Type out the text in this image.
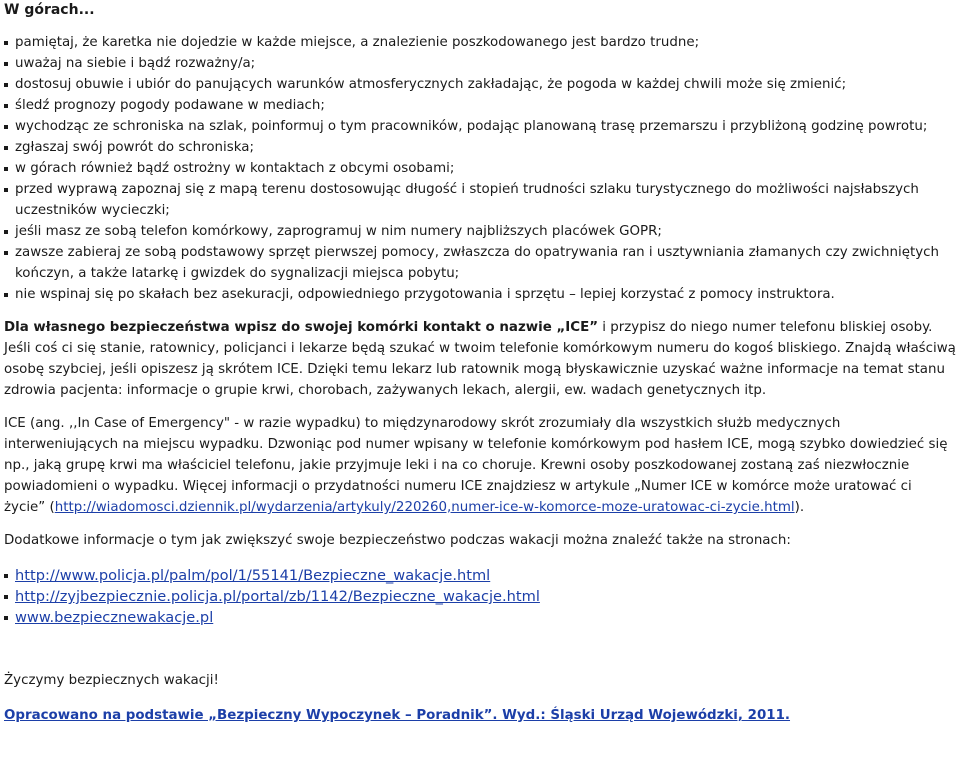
W górach...
pamiętaj, że karetka nie dojedzie w każde miejsce, a znalezienie poszkodowanego jest bardzo trudne;
uważaj na siebie i bądź rozważny/a;
dostosuj obuwie i ubiór do panujących warunków atmosferycznych zakładając, że pogoda w każdej chwili może się zmienić;
śledź prognozy pogody podawane w mediach;
wychodząc ze schroniska na szlak, poinformuj o tym pracowników, podając planowaną trasę przemarszu i przybliżoną godzinę powrotu;
zgłaszaj swój powrót do schroniska;
w górach również bądź ostrożny w kontaktach z obcymi osobami;
przed wyprawą zapoznaj się z mapą terenu dostosowując długość i stopień trudności szlaku turystycznego do możliwości najsłabszych uczestników wycieczki;
jeśli masz ze sobą telefon komórkowy, zaprogramuj w nim numery najbliższych placówek GOPR;
zawsze zabieraj ze sobą podstawowy sprzęt pierwszej pomocy, zwłaszcza do opatrywania ran i usztywniania złamanych czy zwichniętych kończyn, a także latarkę i gwizdek do sygnalizacji miejsca pobytu;
nie wspinaj się po skałach bez asekuracji, odpowiedniego przygotowania i sprzętu – lepiej korzystać z pomocy instruktora.

Dla własnego bezpieczeństwa wpisz do swojej komórki kontakt o nazwie „ICE” i przypisz do niego numer telefonu bliskiej osoby. Jeśli coś ci się stanie, ratownicy, policjanci i lekarze będą szukać w twoim telefonie komórkowym numeru do kogoś bliskiego. Znajdą właściwą osobę szybciej, jeśli opiszesz ją skrótem ICE. Dzięki temu lekarz lub ratownik mogą błyskawicznie uzyskać ważne informacje na temat stanu zdrowia pacjenta: informacje o grupie krwi, chorobach, zażywanych lekach, alergii, ew. wadach genetycznych itp.

ICE (ang. ,,In Case of Emergency" - w razie wypadku) to międzynarodowy skrót zrozumiały dla wszystkich służb medycznych interweniujących na miejscu wypadku. Dzwoniąc pod numer wpisany w telefonie komórkowym pod hasłem ICE, mogą szybko dowiedzieć się np., jaką grupę krwi ma właściciel telefonu, jakie przyjmuje leki i na co choruje. Krewni osoby poszkodowanej zostaną zaś niezwłocznie powiadomieni o wypadku. Więcej informacji o przydatności numeru ICE znajdziesz w artykule „Numer ICE w komórce może uratować ci życie” (http://wiadomosci.dziennik.pl/wydarzenia/artykuly/220260,numer-ice-w-komorce-moze-uratowac-ci-zycie.html).

Dodatkowe informacje o tym jak zwiększyć swoje bezpieczeństwo podczas wakacji można znaleźć także na stronach:

http://www.policja.pl/palm/pol/1/55141/Bezpieczne_wakacje.html
http://zyjbezpiecznie.policja.pl/portal/zb/1142/Bezpieczne_wakacje.html
www.bezpiecznewakacje.pl

Życzymy bezpiecznych wakacji!

Opracowano na podstawie „Bezpieczny Wypoczynek – Poradnik”. Wyd.: Śląski Urząd Wojewódzki, 2011.
